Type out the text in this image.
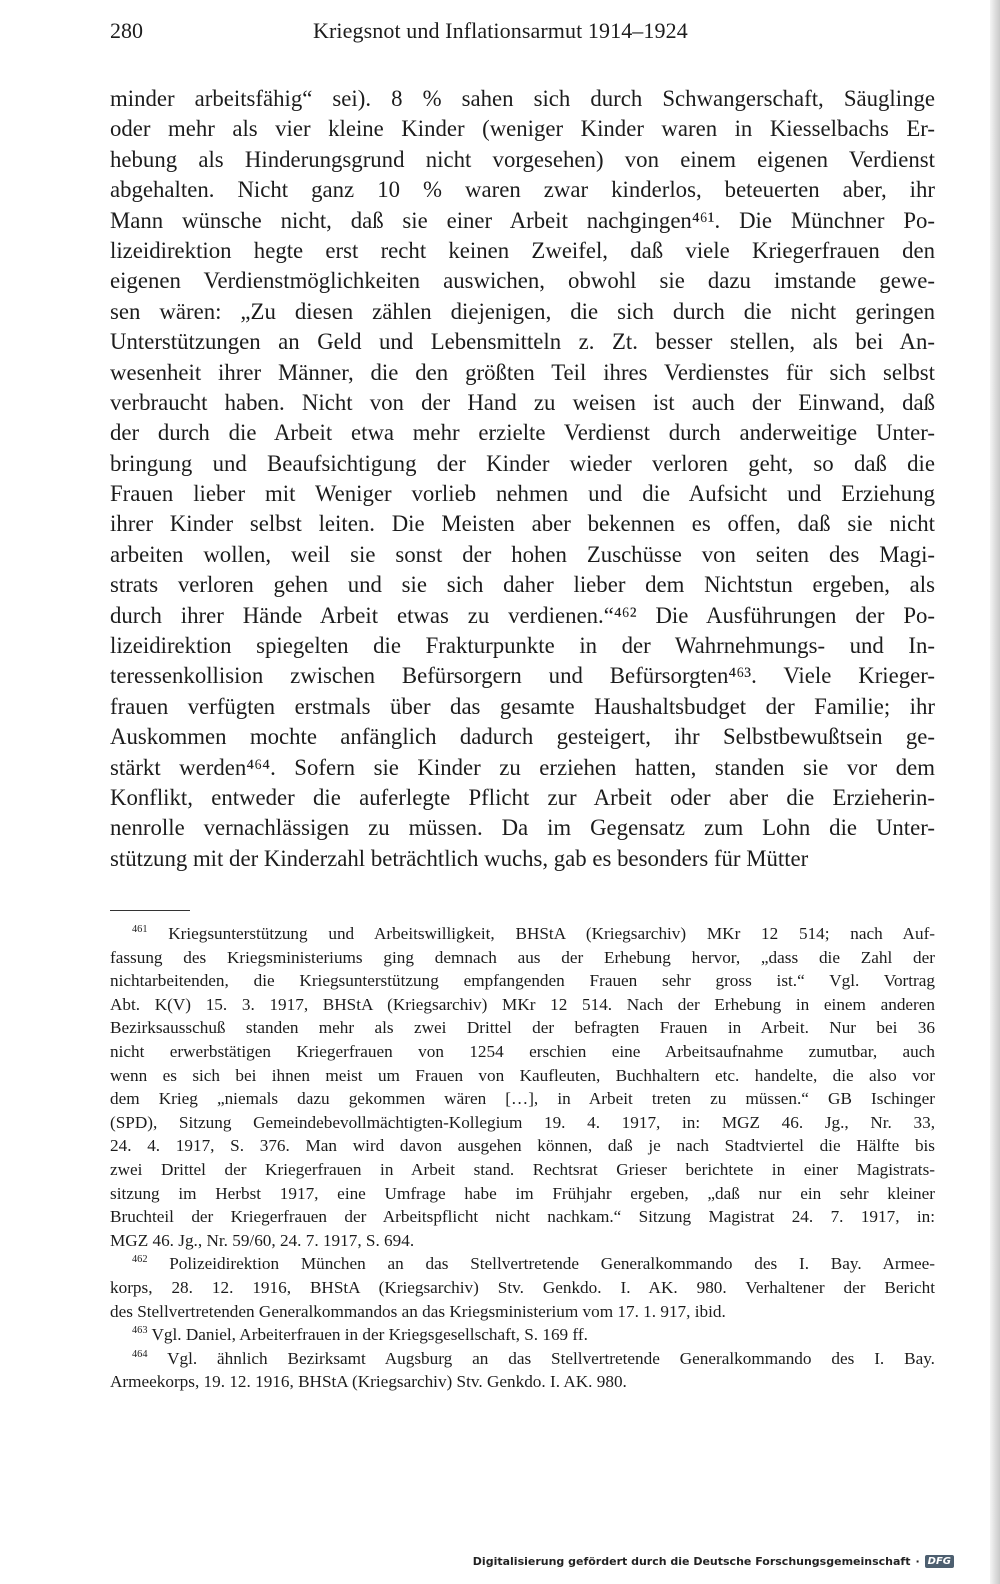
280	Kriegsnot und Inflationsarmut 1914–1924
minder arbeitsfähig“ sei). 8 % sahen sich durch Schwangerschaft, Säuglinge
oder mehr als vier kleine Kinder (weniger Kinder waren in Kiesselbachs Er-
hebung als Hinderungsgrund nicht vorgesehen) von einem eigenen Verdienst
abgehalten. Nicht ganz 10 % waren zwar kinderlos, beteuerten aber, ihr
Mann wünsche nicht, daß sie einer Arbeit nachgingen⁴⁶¹. Die Münchner Po-
lizeidirektion hegte erst recht keinen Zweifel, daß viele Kriegerfrauen den
eigenen Verdienstmöglichkeiten auswichen, obwohl sie dazu imstande gewe-
sen wären: „Zu diesen zählen diejenigen, die sich durch die nicht geringen
Unterstützungen an Geld und Lebensmitteln z. Zt. besser stellen, als bei An-
wesenheit ihrer Männer, die den größten Teil ihres Verdienstes für sich selbst
verbraucht haben. Nicht von der Hand zu weisen ist auch der Einwand, daß
der durch die Arbeit etwa mehr erzielte Verdienst durch anderweitige Unter-
bringung und Beaufsichtigung der Kinder wieder verloren geht, so daß die
Frauen lieber mit Weniger vorlieb nehmen und die Aufsicht und Erziehung
ihrer Kinder selbst leiten. Die Meisten aber bekennen es offen, daß sie nicht
arbeiten wollen, weil sie sonst der hohen Zuschüsse von seiten des Magi-
strats verloren gehen und sie sich daher lieber dem Nichtstun ergeben, als
durch ihrer Hände Arbeit etwas zu verdienen.“⁴⁶² Die Ausführungen der Po-
lizeidirektion spiegelten die Frakturpunkte in der Wahrnehmungs- und In-
teressenkollision zwischen Befürsorgern und Befürsorgten⁴⁶³. Viele Krieger-
frauen verfügten erstmals über das gesamte Haushaltsbudget der Familie; ihr
Auskommen mochte anfänglich dadurch gesteigert, ihr Selbstbewußtsein ge-
stärkt werden⁴⁶⁴. Sofern sie Kinder zu erziehen hatten, standen sie vor dem
Konflikt, entweder die auferlegte Pflicht zur Arbeit oder aber die Erzieherin-
nenrolle vernachlässigen zu müssen. Da im Gegensatz zum Lohn die Unter-
stützung mit der Kinderzahl beträchtlich wuchs, gab es besonders für Mütter
$^{461}$ Kriegsunterstützung und Arbeitswilligkeit, BHStA (Kriegsarchiv) MKr 12 514; nach Auf-
fassung des Kriegsministeriums ging demnach aus der Erhebung hervor, „dass die Zahl der
nichtarbeitenden, die Kriegsunterstützung empfangenden Frauen sehr gross ist.“ Vgl. Vortrag
Abt. K(V) 15. 3. 1917, BHStA (Kriegsarchiv) MKr 12 514. Nach der Erhebung in einem anderen
Bezirksausschuß standen mehr als zwei Drittel der befragten Frauen in Arbeit. Nur bei 36
nicht erwerbstätigen Kriegerfrauen von 1254 erschien eine Arbeitsaufnahme zumutbar, auch
wenn es sich bei ihnen meist um Frauen von Kaufleuten, Buchhaltern etc. handelte, die also vor
dem Krieg „niemals dazu gekommen wären […], in Arbeit treten zu müssen.“ GB Ischinger
(SPD), Sitzung Gemeindebevollmächtigten-Kollegium 19. 4. 1917, in: MGZ 46. Jg., Nr. 33,
24. 4. 1917, S. 376. Man wird davon ausgehen können, daß je nach Stadtviertel die Hälfte bis
zwei Drittel der Kriegerfrauen in Arbeit stand. Rechtsrat Grieser berichtete in einer Magistrats-
sitzung im Herbst 1917, eine Umfrage habe im Frühjahr ergeben, „daß nur ein sehr kleiner
Bruchteil der Kriegerfrauen der Arbeitspflicht nicht nachkam.“ Sitzung Magistrat 24. 7. 1917, in:
MGZ 46. Jg., Nr. 59/60, 24. 7. 1917, S. 694.
$^{462}$ Polizeidirektion München an das Stellvertretende Generalkommando des I. Bay. Armee-
korps, 28. 12. 1916, BHStA (Kriegsarchiv) Stv. Genkdo. I. AK. 980. Verhaltener der Bericht
des Stellvertretenden Generalkommandos an das Kriegsministerium vom 17. 1. 917, ibid.
$^{463}$ Vgl. Daniel, Arbeiterfrauen in der Kriegsgesellschaft, S. 169 ff.
$^{464}$ Vgl. ähnlich Bezirksamt Augsburg an das Stellvertretende Generalkommando des I. Bay.
Armeekorps, 19. 12. 1916, BHStA (Kriegsarchiv) Stv. Genkdo. I. AK. 980.
Digitalisierung gefördert durch die Deutsche Forschungsgemeinschaft · DFG
